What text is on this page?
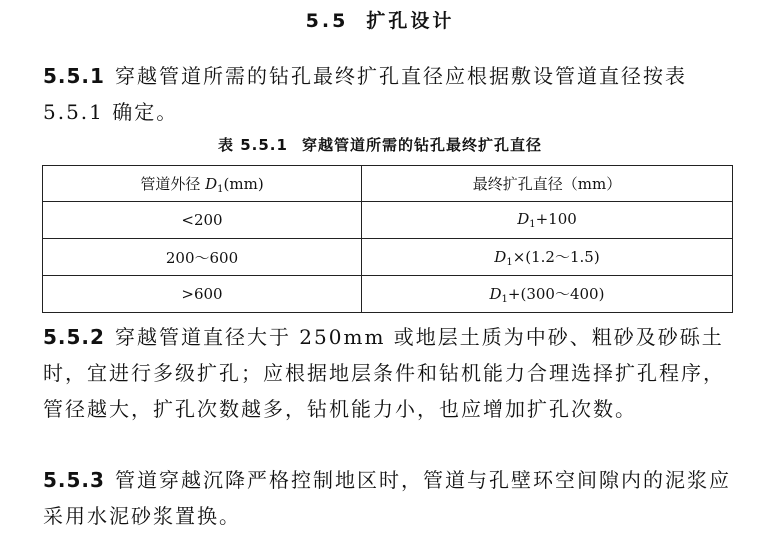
5.5 扩孔设计
5.5.1 穿越管道所需的钻孔最终扩孔直径应根据敷设管道直径按表 5.5.1 确定。
表 5.5.1 穿越管道所需的钻孔最终扩孔直径
管道外径 $D_1(mm)$	最终扩孔直径（mm）
<200	$D_1+100$
200～600	$D_1\times(1.2\sim 1.5)$
>600	$D_1+(300\sim 400)$
5.5.2 穿越管道直径大于 250mm 或地层土质为中砂、粗砂及砂砾土时，宜进行多级扩孔；应根据地层条件和钻机能力合理选择扩孔程序，管径越大，扩孔次数越多，钻机能力小，也应增加扩孔次数。
5.5.3 管道穿越沉降严格控制地区时，管道与孔壁环空间隙内的泥浆应采用水泥砂浆置换。
